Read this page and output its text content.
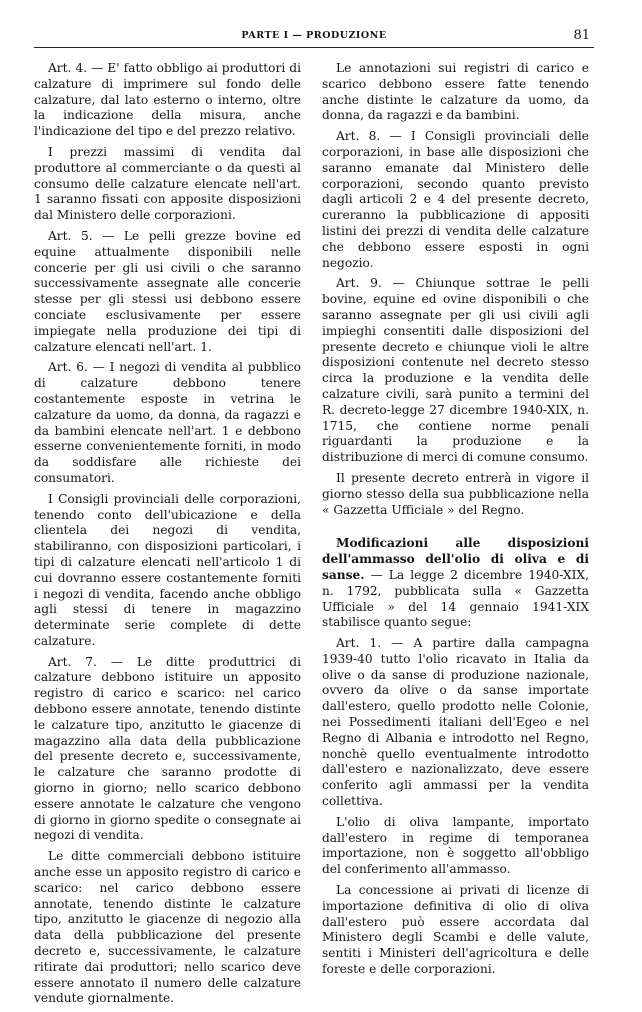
PARTE I — PRODUZIONE	81

Art. 4. — E' fatto obbligo ai produttori di calzature di imprimere sul fondo delle calzature, dal lato esterno o interno, oltre la indicazione della misura, anche l'indicazione del tipo e del prezzo relativo.

I prezzi massimi di vendita dal produttore al commerciante o da questi al consumo delle calzature elencate nell'art. 1 saranno fissati con apposite disposizioni dal Ministero delle corporazioni.

Art. 5. — Le pelli grezze bovine ed equine attualmente disponibili nelle concerie per gli usi civili o che saranno successivamente assegnate alle concerie stesse per gli stessi usi debbono essere conciate esclusivamente per essere impiegate nella produzione dei tipi di calzature elencati nell'art. 1.

Art. 6. — I negozi di vendita al pubblico di calzature debbono tenere costantemente esposte in vetrina le calzature da uomo, da donna, da ragazzi e da bambini elencate nell'art. 1 e debbono esserne convenientemente forniti, in modo da soddisfare alle richieste dei consumatori.

I Consigli provinciali delle corporazioni, tenendo conto dell'ubicazione e della clientela dei negozi di vendita, stabiliranno, con disposizioni particolari, i tipi di calzature elencati nell'articolo 1 di cui dovranno essere costantemente forniti i negozi di vendita, facendo anche obbligo agli stessi di tenere in magazzino determinate serie complete di dette calzature.

Art. 7. — Le ditte produttrici di calzature debbono istituire un apposito registro di carico e scarico: nel carico debbono essere annotate, tenendo distinte le calzature tipo, anzitutto le giacenze di magazzino alla data della pubblicazione del presente decreto e, successivamente, le calzature che saranno prodotte di giorno in giorno; nello scarico debbono essere annotate le calzature che vengono di giorno in giorno spedite o consegnate ai negozi di vendita.

Le ditte commerciali debbono istituire anche esse un apposito registro di carico e scarico: nel carico debbono essere annotate, tenendo distinte le calzature tipo, anzitutto le giacenze di negozio alla data della pubblicazione del presente decreto e, successivamente, le calzature ritirate dai produttori; nello scarico deve essere annotato il numero delle calzature vendute giornalmente.

Le annotazioni sui registri di carico e scarico debbono essere fatte tenendo anche distinte le calzature da uomo, da donna, da ragazzi e da bambini.

Art. 8. — I Consigli provinciali delle corporazioni, in base alle disposizioni che saranno emanate dal Ministero delle corporazioni, secondo quanto previsto dagli articoli 2 e 4 del presente decreto, cureranno la pubblicazione di appositi listini dei prezzi di vendita delle calzature che debbono essere esposti in ogni negozio.

Art. 9. — Chiunque sottrae le pelli bovine, equine ed ovine disponibili o che saranno assegnate per gli usi civili agli impieghi consentiti dalle disposizioni del presente decreto e chiunque violi le altre disposizioni contenute nel decreto stesso circa la produzione e la vendita delle calzature civili, sarà punito a termini del R. decreto-legge 27 dicembre 1940-XIX, n. 1715, che contiene norme penali riguardanti la produzione e la distribuzione di merci di comune consumo.

Il presente decreto entrerà in vigore il giorno stesso della sua pubblicazione nella « Gazzetta Ufficiale » del Regno.

Modificazioni alle disposizioni dell'ammasso dell'olio di oliva e di sanse. — La legge 2 dicembre 1940-XIX, n. 1792, pubblicata sulla « Gazzetta Ufficiale » del 14 gennaio 1941-XIX stabilisce quanto segue:

Art. 1. — A partire dalla campagna 1939-40 tutto l'olio ricavato in Italia da olive o da sanse di produzione nazionale, ovvero da olive o da sanse importate dall'estero, quello prodotto nelle Colonie, nei Possedimenti italiani dell'Egeo e nel Regno di Albania e introdotto nel Regno, nonchè quello eventualmente introdotto dall'estero e nazionalizzato, deve essere conferito agli ammassi per la vendita collettiva.

L'olio di oliva lampante, importato dall'estero in regime di temporanea importazione, non è soggetto all'obbligo del conferimento all'ammasso.

La concessione ai privati di licenze di importazione definitiva di olio di oliva dall'estero può essere accordata dal Ministero degli Scambi e delle valute, sentiti i Ministeri dell'agricoltura e delle foreste e delle corporazioni.
